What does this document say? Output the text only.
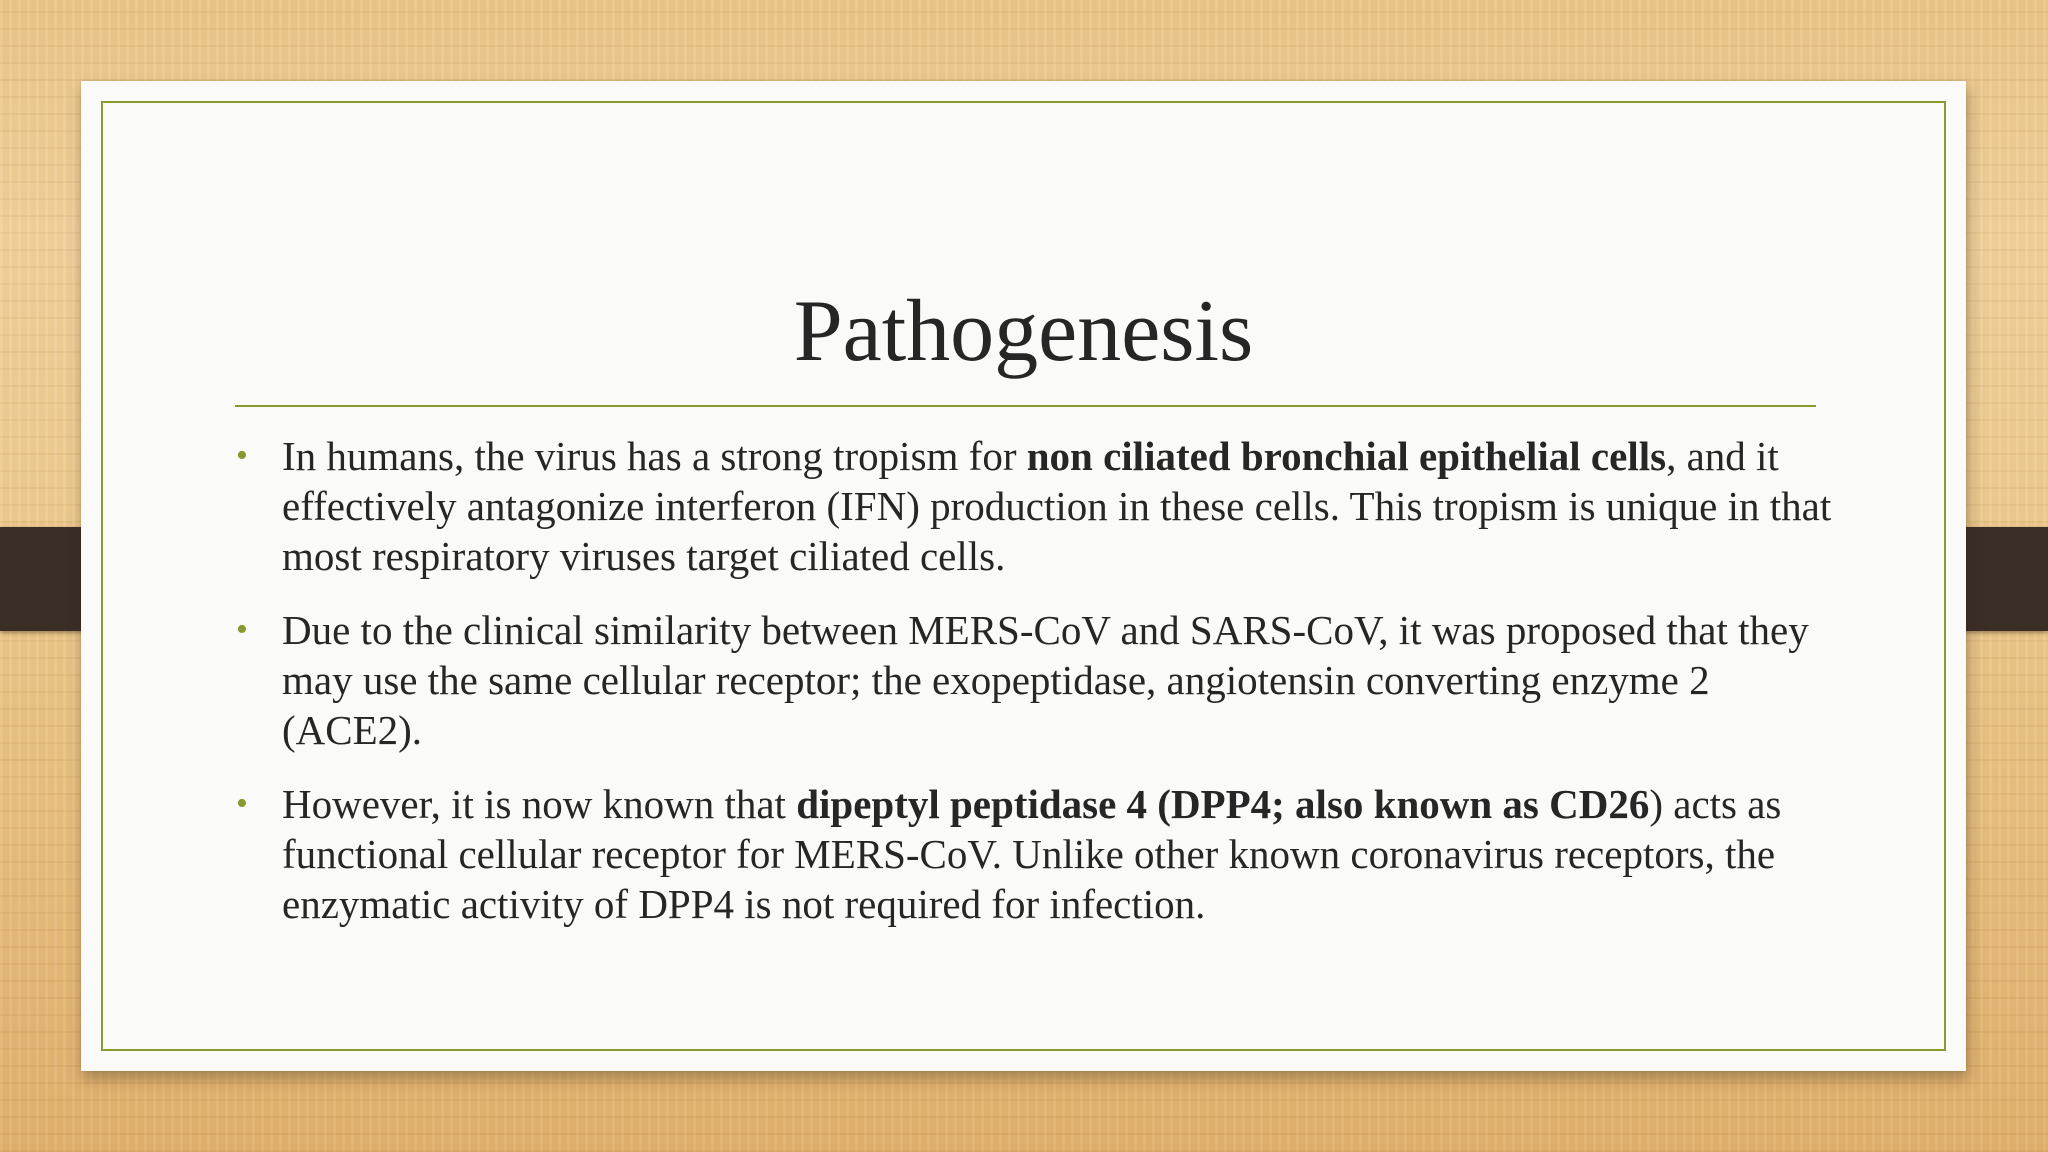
Pathogenesis
• In humans, the virus has a strong tropism for non ciliated bronchial epithelial cells, and it effectively antagonize interferon (IFN) production in these cells. This tropism is unique in that most respiratory viruses target ciliated cells.
• Due to the clinical similarity between MERS-CoV and SARS-CoV, it was proposed that they may use the same cellular receptor; the exopeptidase, angiotensin converting enzyme 2 (ACE2).
• However, it is now known that dipeptyl peptidase 4 (DPP4; also known as CD26) acts as functional cellular receptor for MERS-CoV. Unlike other known coronavirus receptors, the enzymatic activity of DPP4 is not required for infection.
